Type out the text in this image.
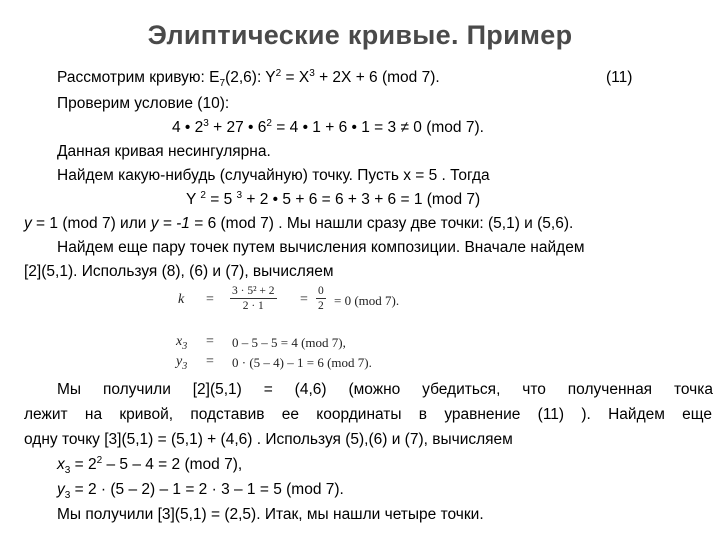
Элиптические кривые. Пример
Рассмотрим кривую: $E_7(2,6)$: $Y^2 = X^3 + 2X + 6$ (mod 7).	(11)
Проверим условие (10):
4 • $2^3 + 27$ • $6^2 = 4$ • 1 + 6 • 1 = 3 ≠ 0 (mod 7).
Данная кривая несингулярна.
Найдем какую-нибудь (случайную) точку. Пусть х = 5 . Тогда
Y $^2$ = 5 $^3$ + 2 • 5 + 6 = 6 + 3 + 6 = 1 (mod 7)
y = 1 (mod 7) или y = -1 = 6 (mod 7) . Мы нашли сразу две точки: (5,1) и (5,6).
Найдем еще пару точек путем вычисления композиции. Вначале найдем
[2](5,1). Используя (8), (6) и (7), вычисляем
$k = \frac{\text{3 · 5² + 2}}{2 \cdot 1} = \frac{0}{2} = 0$ (mod 7).
$x_3 = 0 - 5 - 5 = 4$ (mod 7),
$y_3 = 0 \cdot (5 - 4) - 1 = 6$ (mod 7).
Мы получили [2](5,1) = (4,6) (можно убедиться, что полученная точка
лежит на кривой, подставив ее координаты в уравнение (11) ). Найдем еще
одну точку [3](5,1) = (5,1) + (4,6) . Используя (5),(6) и (7), вычисляем
$x_3 = 2^2 - 5 - 4 = 2$ (mod 7),
$y_3 = 2 \cdot (5 - 2) - 1 = 2 \cdot 3 - 1 = 5$ (mod 7).
Мы получили [3](5,1) = (2,5). Итак, мы нашли четыре точки.
